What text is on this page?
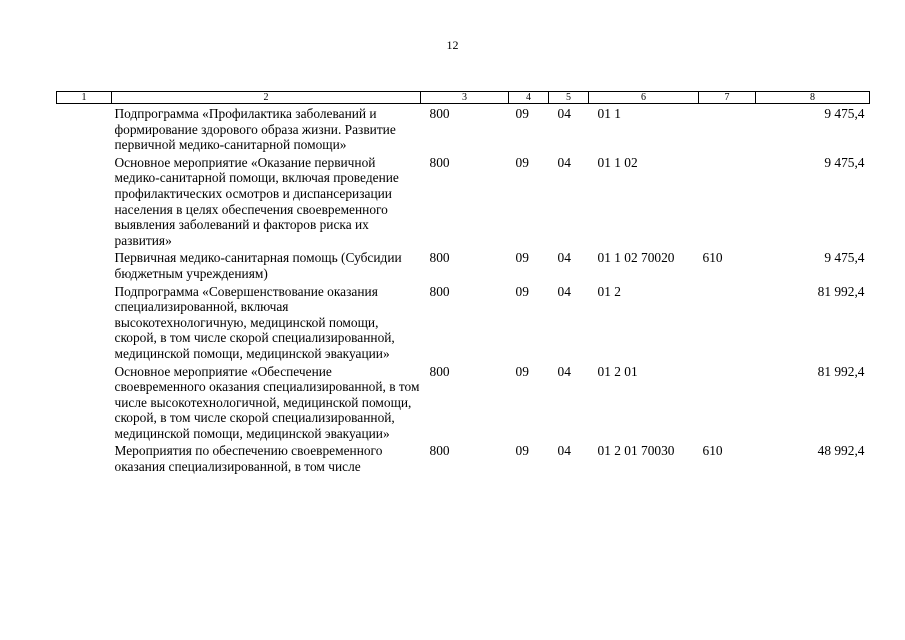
12
1	2	3	4	5	6	7	8
	Подпрограмма «Профилактика заболеваний и формирование здорового образа жизни. Развитие первичной медико-санитарной помощи»	800	09	04	01 1		9 475,4
	Основное мероприятие «Оказание первичной медико-санитарной помощи, включая проведение профилактических осмотров и диспансеризации населения в целях обеспечения своевременного выявления заболеваний и факторов риска их развития»	800	09	04	01 1 02		9 475,4
	Первичная медико-санитарная помощь (Субсидии бюджетным учреждениям)	800	09	04	01 1 02 70020	610	9 475,4
	Подпрограмма «Совершенствование оказания специализированной, включая высокотехнологичную, медицинской помощи, скорой, в том числе скорой специализированной, медицинской помощи, медицинской эвакуации»	800	09	04	01 2		81 992,4
	Основное мероприятие «Обеспечение своевременного оказания специализированной, в том числе высокотехнологичной, медицинской помощи, скорой, в том числе скорой специализированной, медицинской помощи, медицинской эвакуации»	800	09	04	01 2 01		81 992,4
	Мероприятия по обеспечению своевременного оказания специализированной, в том числе	800	09	04	01 2 01 70030	610	48 992,4
